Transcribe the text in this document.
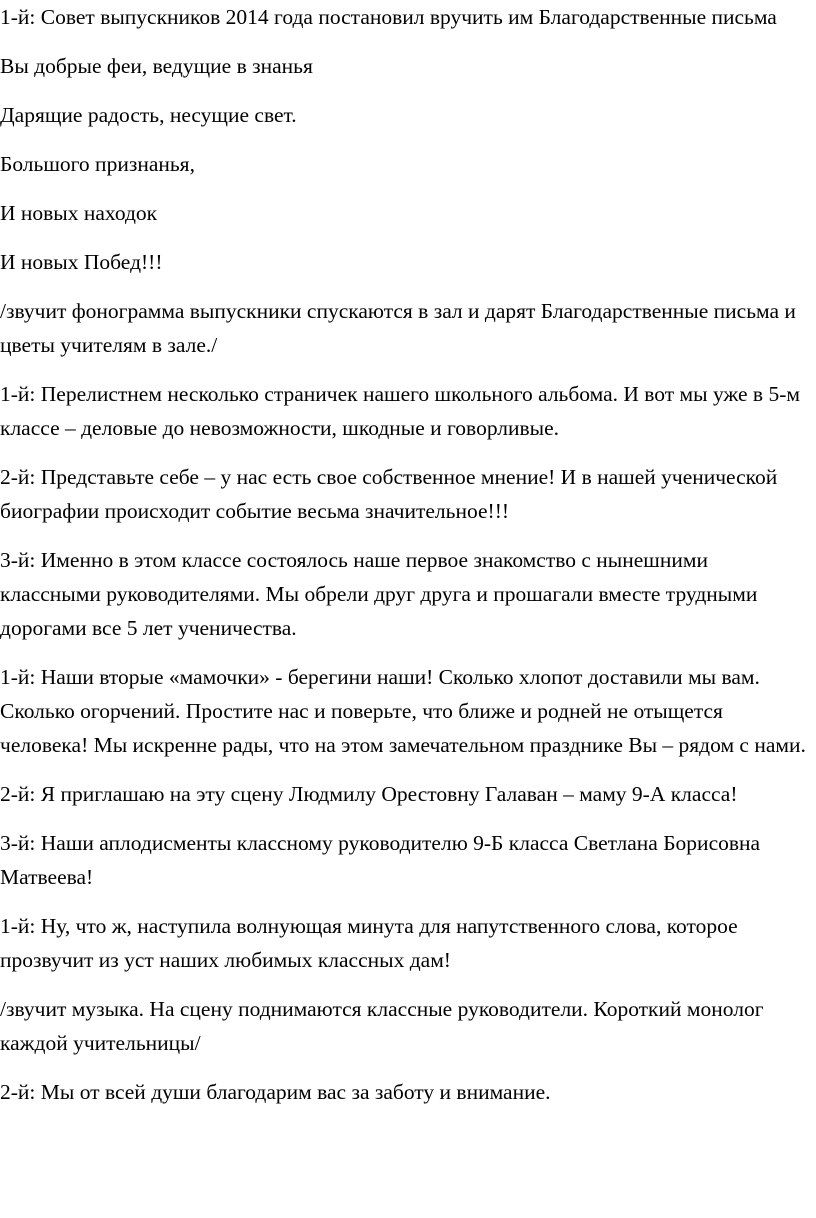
1-й: Совет выпускников 2014 года постановил вручить им Благодарственные письма

Вы добрые феи, ведущие в знанья

Дарящие радость, несущие свет.

Большого признанья,

И новых находок

И новых Побед!!!

/звучит фонограмма выпускники спускаются в зал и дарят Благодарственные письма и цветы учителям в зале./

1-й: Перелистнем несколько страничек нашего школьного альбома. И вот мы уже в 5-м классе – деловые до невозможности, шкодные и говорливые.

2-й: Представьте себе – у нас есть свое собственное мнение! И в нашей ученической биографии происходит событие весьма значительное!!!

3-й: Именно в этом классе состоялось наше первое знакомство с нынешними классными руководителями. Мы обрели друг друга и прошагали вместе трудными дорогами все 5 лет ученичества.

1-й: Наши вторые «мамочки» - берегини наши! Сколько хлопот доставили мы вам. Сколько огорчений. Простите нас и поверьте, что ближе и родней не отыщется человека! Мы искренне рады, что на этом замечательном празднике Вы – рядом с нами.

2-й: Я приглашаю на эту сцену Людмилу Орестовну Галаван – маму 9-А класса!

3-й: Наши аплодисменты классному руководителю 9-Б класса Светлана Борисовна Матвеева!

1-й: Ну, что ж, наступила волнующая минута для напутственного слова, которое прозвучит из уст наших любимых классных дам!

/звучит музыка. На сцену поднимаются классные руководители. Короткий монолог каждой учительницы/

2-й: Мы от всей души благодарим вас за заботу и внимание.
